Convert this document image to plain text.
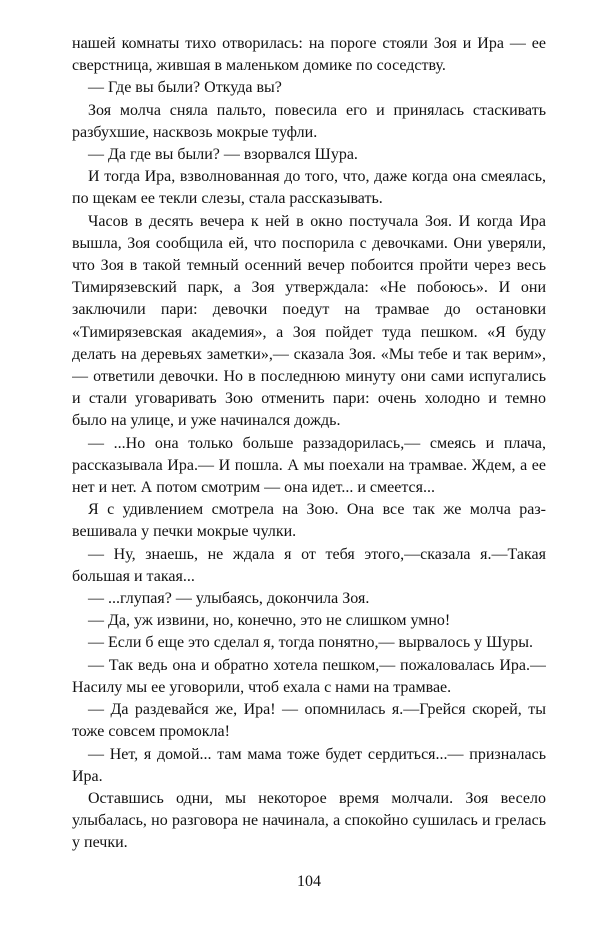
нашей комнаты тихо отворилась: на пороге стояли Зоя и Ира — ее сверстница, жившая в маленьком домике по соседству.

— Где вы были? Откуда вы?

Зоя молча сняла пальто, повесила его и принялась стаскивать разбухшие, насквозь мокрые туфли.

— Да где вы были? — взорвался Шура.

И тогда Ира, взволнованная до того, что, даже когда она смеялась, по щекам ее текли слезы, стала рассказывать.

Часов в десять вечера к ней в окно постучала Зоя. И когда Ира вышла, Зоя сообщила ей, что поспорила с девочками. Они уверяли, что Зоя в такой темный осенний вечер побоится пройти через весь Тимирязевский парк, а Зоя утверждала: «Не побоюсь». И они заключили пари: девочки поедут на трамвае до остановки «Тимирязевская академия», а Зоя пойдет туда пешком. «Я буду делать на деревьях заметки»,— сказала Зоя. «Мы тебе и так верим»,— ответили девочки. Но в последнюю минуту они сами испугались и стали уговаривать Зою отменить пари: очень холодно и темно было на улице, и уже начинался дождь.

— ...Но она только больше раззадорилась,— смеясь и плача, рассказывала Ира.— И пошла. А мы поехали на трамвае. Ждем, а ее нет и нет. А потом смотрим — она идет... и смеется...

Я с удивлением смотрела на Зою. Она все так же молча развешивала у печки мокрые чулки.

— Ну, знаешь, не ждала я от тебя этого,—сказала я.—Такая большая и такая...

— ...глупая? — улыбаясь, докончила Зоя.

— Да, уж извини, но, конечно, это не слишком умно!

— Если б еще это сделал я, тогда понятно,— вырвалось у Шуры.

— Так ведь она и обратно хотела пешком,— пожаловалась Ира.— Насилу мы ее уговорили, чтоб ехала с нами на трамвае.

— Да раздевайся же, Ира! — опомнилась я.—Грейся скорей, ты тоже совсем промокла!

— Нет, я домой... там мама тоже будет сердиться...— призналась Ира.

Оставшись одни, мы некоторое время молчали. Зоя весело улыбалась, но разговора не начинала, а спокойно сушилась и грелась у печки.

104
